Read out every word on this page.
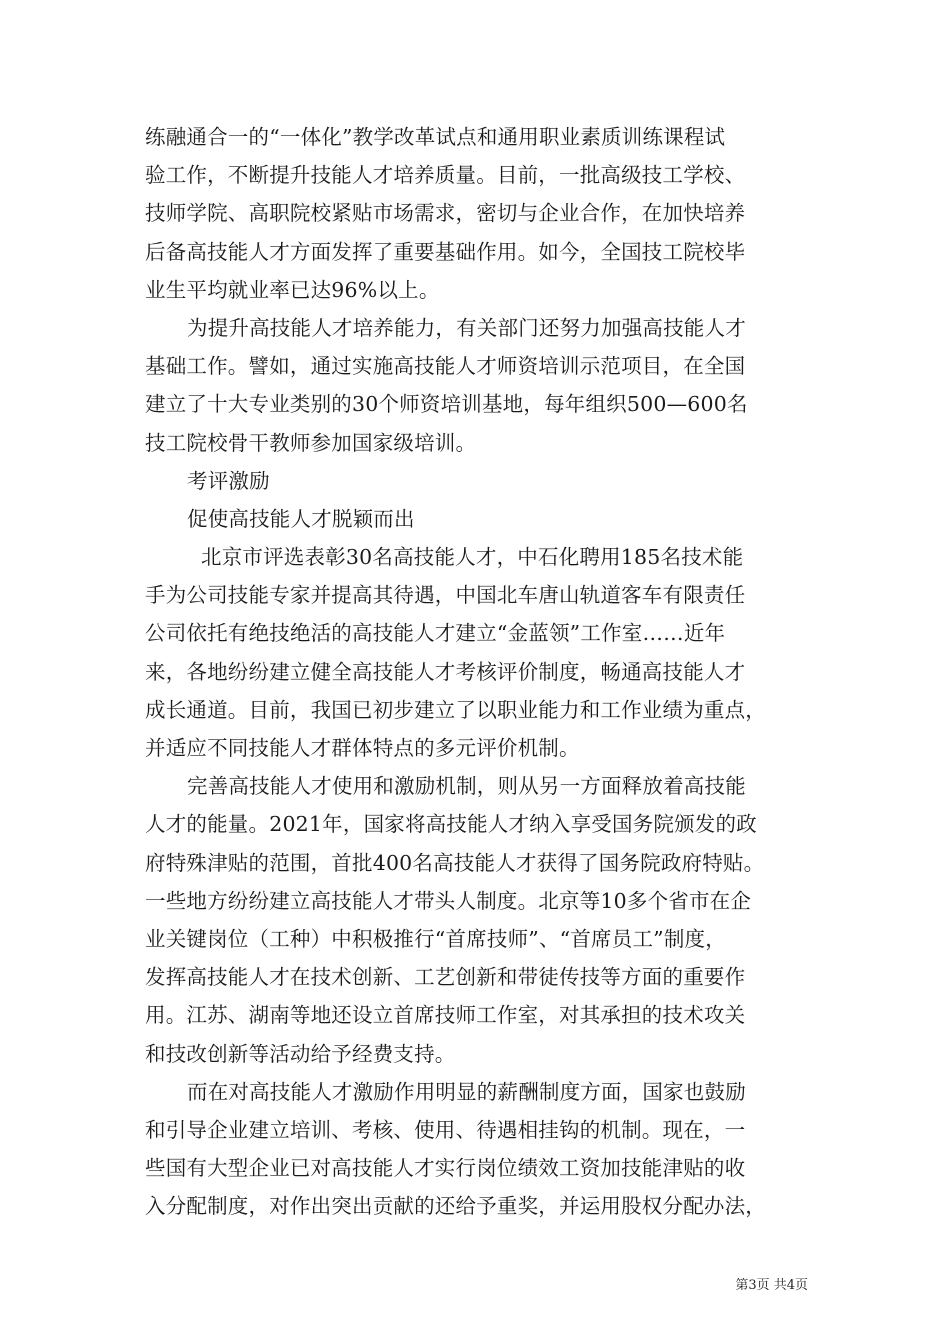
练融通合一的“一体化”教学改革试点和通用职业素质训练课程试
验工作，不断提升技能人才培养质量。目前，一批高级技工学校、
技师学院、高职院校紧贴市场需求，密切与企业合作，在加快培养
后备高技能人才方面发挥了重要基础作用。如今，全国技工院校毕
业生平均就业率已达96%以上。
为提升高技能人才培养能力，有关部门还努力加强高技能人才
基础工作。譬如，通过实施高技能人才师资培训示范项目，在全国
建立了十大专业类别的30个师资培训基地，每年组织500—600名
技工院校骨干教师参加国家级培训。
考评激励
促使高技能人才脱颖而出
北京市评选表彰30名高技能人才，中石化聘用185名技术能
手为公司技能专家并提高其待遇，中国北车唐山轨道客车有限责任
公司依托有绝技绝活的高技能人才建立“金蓝领”工作室……近年
来，各地纷纷建立健全高技能人才考核评价制度，畅通高技能人才
成长通道。目前，我国已初步建立了以职业能力和工作业绩为重点，
并适应不同技能人才群体特点的多元评价机制。
完善高技能人才使用和激励机制，则从另一方面释放着高技能
人才的能量。2021年，国家将高技能人才纳入享受国务院颁发的政
府特殊津贴的范围，首批400名高技能人才获得了国务院政府特贴。
一些地方纷纷建立高技能人才带头人制度。北京等10多个省市在企
业关键岗位（工种）中积极推行“首席技师”、“首席员工”制度，
发挥高技能人才在技术创新、工艺创新和带徒传技等方面的重要作
用。江苏、湖南等地还设立首席技师工作室，对其承担的技术攻关
和技改创新等活动给予经费支持。
而在对高技能人才激励作用明显的薪酬制度方面，国家也鼓励
和引导企业建立培训、考核、使用、待遇相挂钩的机制。现在，一
些国有大型企业已对高技能人才实行岗位绩效工资加技能津贴的收
入分配制度，对作出突出贡献的还给予重奖，并运用股权分配办法，
第3页 共4页
